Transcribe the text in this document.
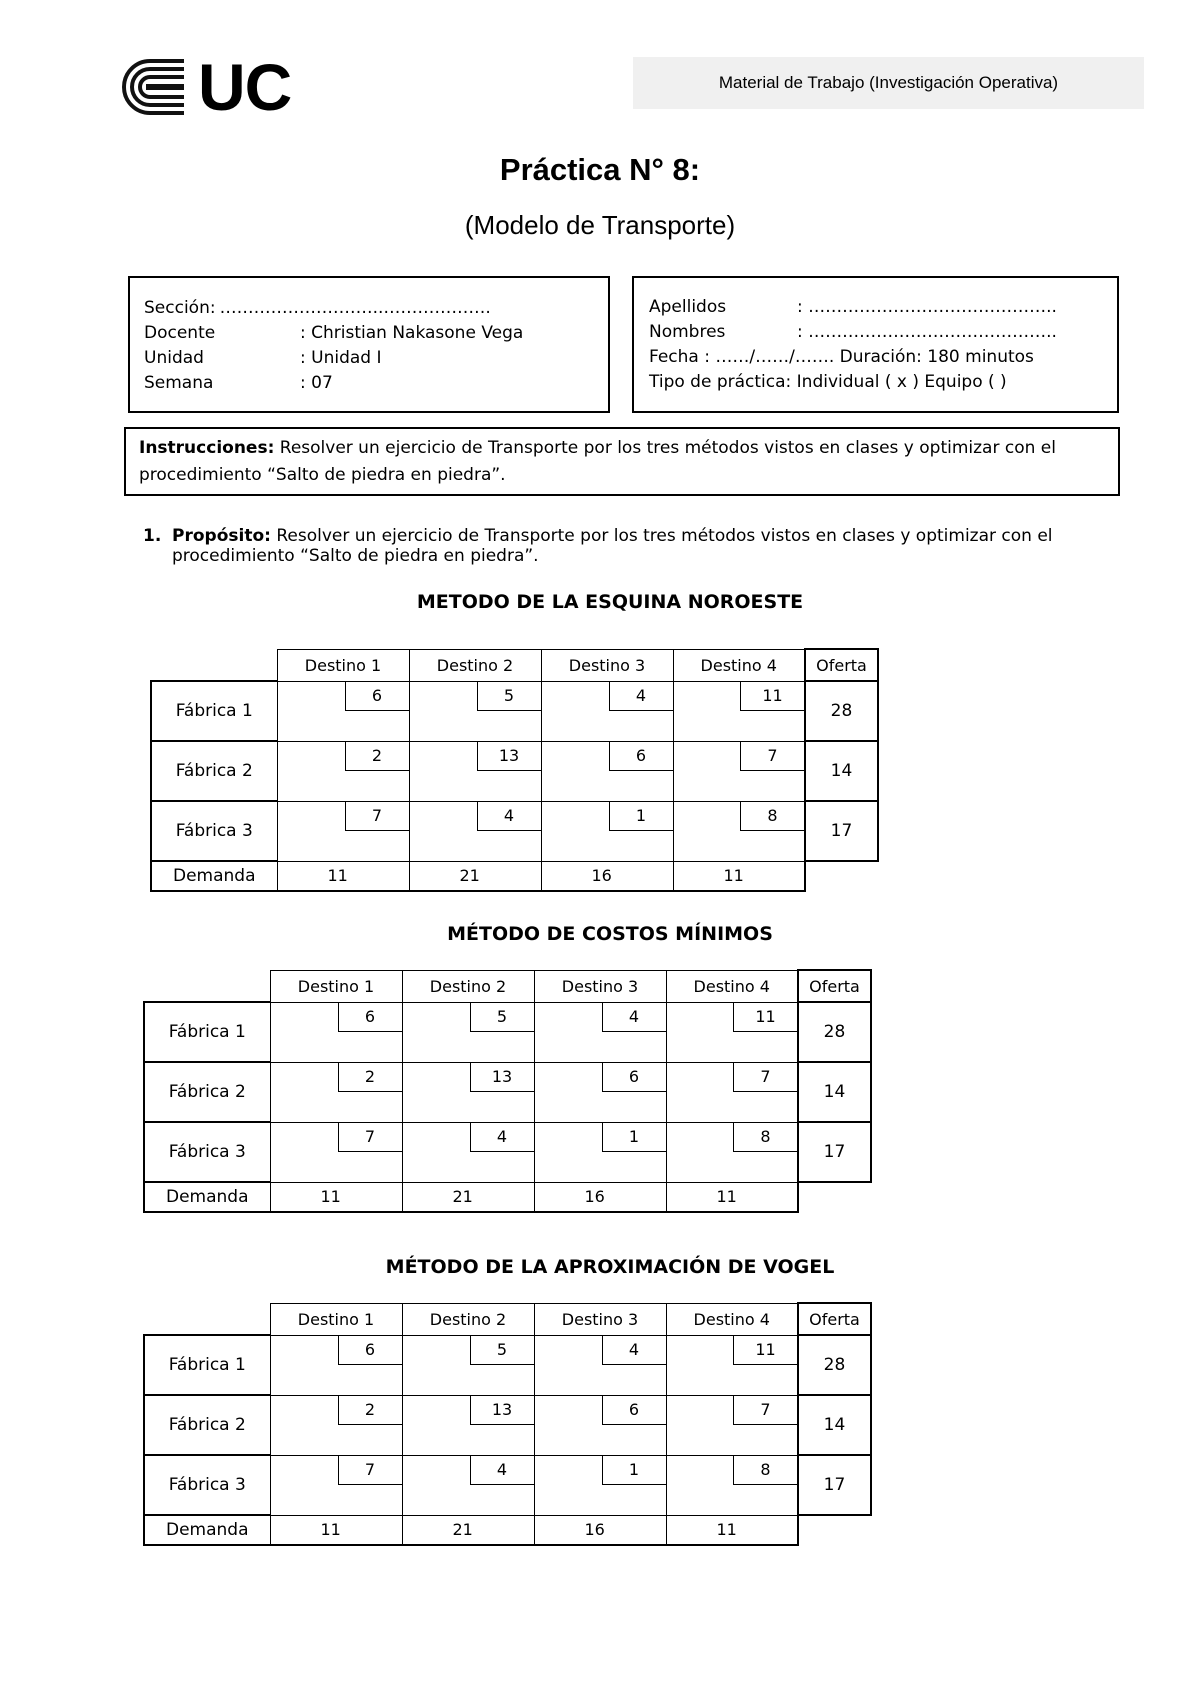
UC	Material de Trabajo (Investigación Operativa)
Práctica N° 8:
(Modelo de Transporte)
Sección: ………………………..……………….
Docente	: Christian Nakasone Vega
Unidad	: Unidad I
Semana	: 07
Apellidos	: ……………………………………..
Nombres	: ……………………………………..
Fecha : ……/……/……. Duración: 180 minutos
Tipo de práctica: Individual ( x ) Equipo ( )
Instrucciones: Resolver un ejercicio de Transporte por los tres métodos vistos en clases y optimizar con el procedimiento “Salto de piedra en piedra”.
1. Propósito: Resolver un ejercicio de Transporte por los tres métodos vistos en clases y optimizar con el procedimiento “Salto de piedra en piedra”.
METODO DE LA ESQUINA NOROESTE
	Destino 1	Destino 2	Destino 3	Destino 4	Oferta
Fábrica 1	6	5	4	11	28
Fábrica 2	2	13	6	7	14
Fábrica 3	7	4	1	8	17
Demanda	11	21	16	11	
MÉTODO DE COSTOS MÍNIMOS
	Destino 1	Destino 2	Destino 3	Destino 4	Oferta
Fábrica 1	6	5	4	11	28
Fábrica 2	2	13	6	7	14
Fábrica 3	7	4	1	8	17
Demanda	11	21	16	11	
MÉTODO DE LA APROXIMACIÓN DE VOGEL
	Destino 1	Destino 2	Destino 3	Destino 4	Oferta
Fábrica 1	6	5	4	11	28
Fábrica 2	2	13	6	7	14
Fábrica 3	7	4	1	8	17
Demanda	11	21	16	11	
